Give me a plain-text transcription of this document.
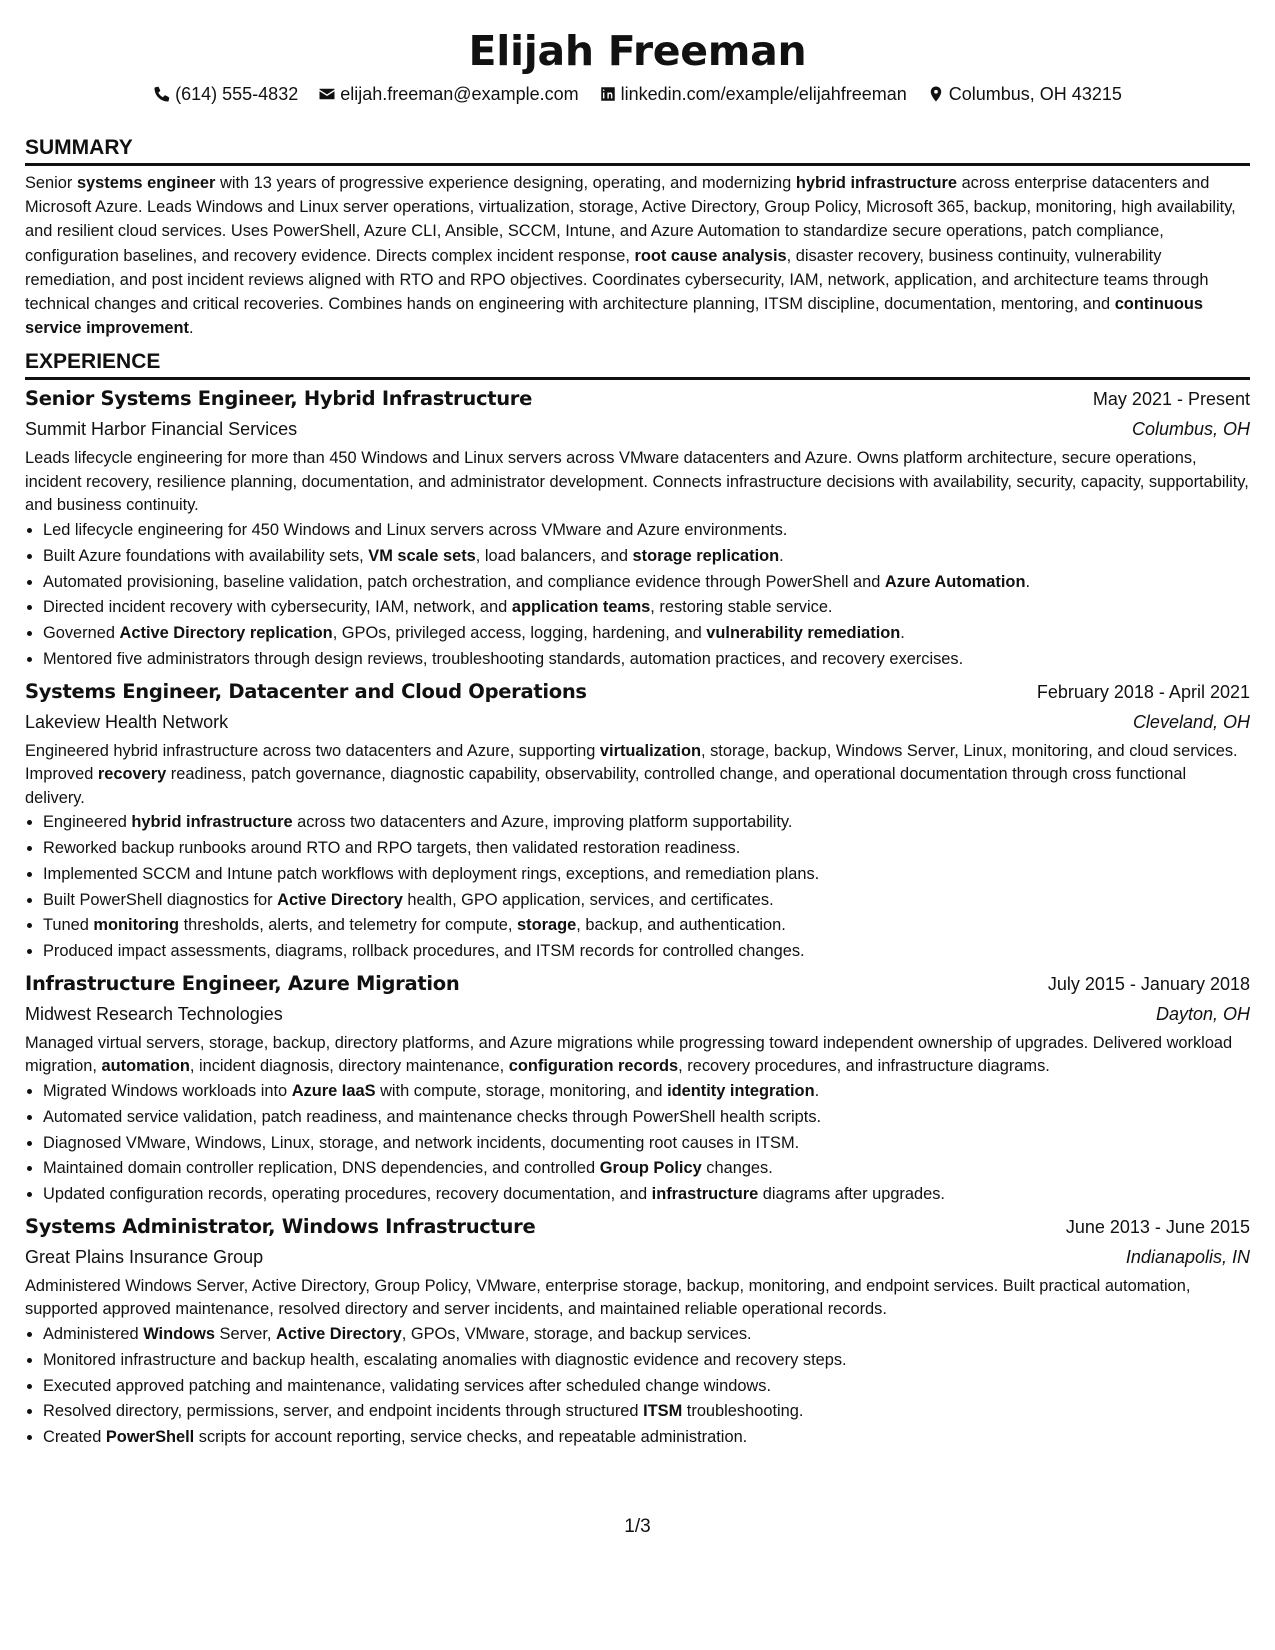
Elijah Freeman
(614) 555-4832 elijah.freeman@example.com linkedin.com/example/elijahfreeman Columbus, OH 43215
SUMMARY

Senior systems engineer with 13 years of progressive experience designing, operating, and modernizing hybrid infrastructure across enterprise datacenters and Microsoft Azure. Leads Windows and Linux server operations, virtualization, storage, Active Directory, Group Policy, Microsoft 365, backup, monitoring, high availability, and resilient cloud services. Uses PowerShell, Azure CLI, Ansible, SCCM, Intune, and Azure Automation to standardize secure operations, patch compliance, configuration baselines, and recovery evidence. Directs complex incident response, root cause analysis, disaster recovery, business continuity, vulnerability remediation, and post incident reviews aligned with RTO and RPO objectives. Coordinates cybersecurity, IAM, network, application, and architecture teams through technical changes and critical recoveries. Combines hands on engineering with architecture planning, ITSM discipline, documentation, mentoring, and continuous service improvement.

EXPERIENCE
Senior Systems Engineer, Hybrid Infrastructure	May 2021 - Present
Summit Harbor Financial Services	Columbus, OH

Leads lifecycle engineering for more than 450 Windows and Linux servers across VMware datacenters and Azure. Owns platform architecture, secure operations, incident recovery, resilience planning, documentation, and administrator development. Connects infrastructure decisions with availability, security, capacity, supportability, and business continuity.

• Led lifecycle engineering for 450 Windows and Linux servers across VMware and Azure environments.
• Built Azure foundations with availability sets, VM scale sets, load balancers, and storage replication.
• Automated provisioning, baseline validation, patch orchestration, and compliance evidence through PowerShell and Azure Automation.
• Directed incident recovery with cybersecurity, IAM, network, and application teams, restoring stable service.
• Governed Active Directory replication, GPOs, privileged access, logging, hardening, and vulnerability remediation.
• Mentored five administrators through design reviews, troubleshooting standards, automation practices, and recovery exercises.
Systems Engineer, Datacenter and Cloud Operations	February 2018 - April 2021
Lakeview Health Network	Cleveland, OH

Engineered hybrid infrastructure across two datacenters and Azure, supporting virtualization, storage, backup, Windows Server, Linux, monitoring, and cloud services. Improved recovery readiness, patch governance, diagnostic capability, observability, controlled change, and operational documentation through cross functional delivery.

• Engineered hybrid infrastructure across two datacenters and Azure, improving platform supportability.
• Reworked backup runbooks around RTO and RPO targets, then validated restoration readiness.
• Implemented SCCM and Intune patch workflows with deployment rings, exceptions, and remediation plans.
• Built PowerShell diagnostics for Active Directory health, GPO application, services, and certificates.
• Tuned monitoring thresholds, alerts, and telemetry for compute, storage, backup, and authentication.
• Produced impact assessments, diagrams, rollback procedures, and ITSM records for controlled changes.
Infrastructure Engineer, Azure Migration	July 2015 - January 2018
Midwest Research Technologies	Dayton, OH

Managed virtual servers, storage, backup, directory platforms, and Azure migrations while progressing toward independent ownership of upgrades. Delivered workload migration, automation, incident diagnosis, directory maintenance, configuration records, recovery procedures, and infrastructure diagrams.

• Migrated Windows workloads into Azure IaaS with compute, storage, monitoring, and identity integration.
• Automated service validation, patch readiness, and maintenance checks through PowerShell health scripts.
• Diagnosed VMware, Windows, Linux, storage, and network incidents, documenting root causes in ITSM.
• Maintained domain controller replication, DNS dependencies, and controlled Group Policy changes.
• Updated configuration records, operating procedures, recovery documentation, and infrastructure diagrams after upgrades.
Systems Administrator, Windows Infrastructure	June 2013 - June 2015
Great Plains Insurance Group	Indianapolis, IN

Administered Windows Server, Active Directory, Group Policy, VMware, enterprise storage, backup, monitoring, and endpoint services. Built practical automation, supported approved maintenance, resolved directory and server incidents, and maintained reliable operational records.

• Administered Windows Server, Active Directory, GPOs, VMware, storage, and backup services.
• Monitored infrastructure and backup health, escalating anomalies with diagnostic evidence and recovery steps.
• Executed approved patching and maintenance, validating services after scheduled change windows.
• Resolved directory, permissions, server, and endpoint incidents through structured ITSM troubleshooting.
• Created PowerShell scripts for account reporting, service checks, and repeatable administration.
1/3
